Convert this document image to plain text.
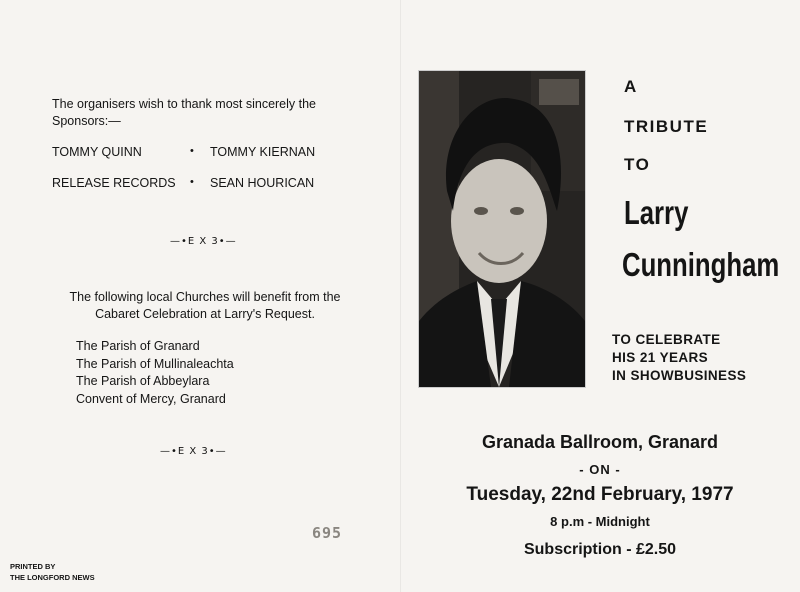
The organisers wish to thank most sincerely the Sponsors:—
TOMMY QUINN	•	TOMMY KIERNAN
RELEASE RECORDS	•	SEAN HOURICAN
—•E X 3•—
The following local Churches will benefit from the Cabaret Celebration at Larry's Request.
The Parish of Granard
The Parish of Mullinaleachta
The Parish of Abbeylara
Convent of Mercy, Granard
—•E X 3•—
695
PRINTED BY
THE LONGFORD NEWS
A
TRIBUTE
TO
Larry
Cunningham
TO CELEBRATE
HIS 21 YEARS
IN SHOWBUSINESS
Granada Ballroom, Granard
- ON -
Tuesday, 22nd February, 1977
8 p.m - Midnight
Subscription - £2.50
